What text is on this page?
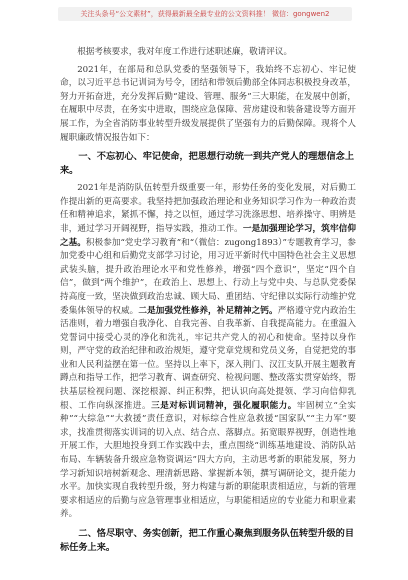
关注头条号“公文素材”，获得最新最全最专业的公文资料推！ 微信：gongwen2

根据考核要求，我对年度工作进行述职述廉，敬请评议。

2021年，在部局和总队党委的坚强领导下，我始终不忘初心、牢记使命，以习近平总书记训词为号令，团结和带领后勤部全体同志积极投身改革，努力开拓奋进，充分发挥后勤“建设、管理、服务”三大职能，在发展中创新，在履职中尽责，在务实中进取，围绕应急保障、营房建设和装备建设等方面开展工作，为全省消防事业转型升级发展提供了坚强有力的后勤保障。现将个人履职廉政情况报告如下：

一、不忘初心、牢记使命，把思想行动统一到共产党人的理想信念上来。

2021年是消防队伍转型升级重要一年，形势任务的变化发展，对后勤工作提出新的更高要求。我坚持把加强政治理论和业务知识学习作为一种政治责任和精神追求，紧抓不懈，持之以恒，通过学习洗涤思想、培养操守、明辨是非，通过学习开阔视野，指导实践，推动工作。一是加强理论学习，筑牢信仰之基。积极参加“党史学习教育”和“（微信：zugong1893）”专题教育学习，参加党委中心组和后勤党支部学习讨论，用习近平新时代中国特色社会主义思想武装头脑，提升政治理论水平和党性修养，增强“四个意识”，坚定“四个自信”，做到“两个维护”，在政治上、思想上、行动上与党中央、与总队党委保持高度一致，坚决做到政治忠诚、顾大局、重团结、守纪律以实际行动维护党委集体领导的权威。二是加强党性修养，补足精神之钙。严格遵守党内政治生活准则，着力增强自我净化、自我完善、自我革新、自我提高能力。在重温入党誓词中接受心灵的净化和洗礼，牢记共产党人的初心和使命。坚持以身作则，严守党的政治纪律和政治规矩，遵守党章党规和党员义务，自觉把党的事业和人民利益摆在第一位。坚持以上率下，深入荆门、汉江支队开展主题教育蹲点和指导工作，把学习教育、调查研究、检视问题、整改落实贯穿始终，帮扶基层检视问题、深挖根源、纠正积弊，把认识向高处提领、学习向信仰乳根、工作向纵深推进。三是对标训词精神，强化履职能力。牢固树立“全实种”“大综急”“大救援”责任意识，对标综合性应急救援“国家队”“主力军”要求，找准贯彻落实训词的切入点、结合点、落脚点。拓宽眼界视野，创造性地开展工作，大胆地投身到工作实践中去，重点围绕“训练基地建设、消防队站布局、车辆装备升级应急物资调运”四大方向，主动思考新的职能发展，努力学习新知识培树新观念、理清新思路、掌握新本领，撰写调研论文，提升能力水平。加快实现自我转型升级，努力构建与新的职能职责相适应，与新的管理要求相适应的后勤与应急管理事业相适应，与职能相适应的专业能力和职业素养。

二、恪尽职守、务实创新，把工作重心聚焦到服务队伍转型升级的目标任务上来。
